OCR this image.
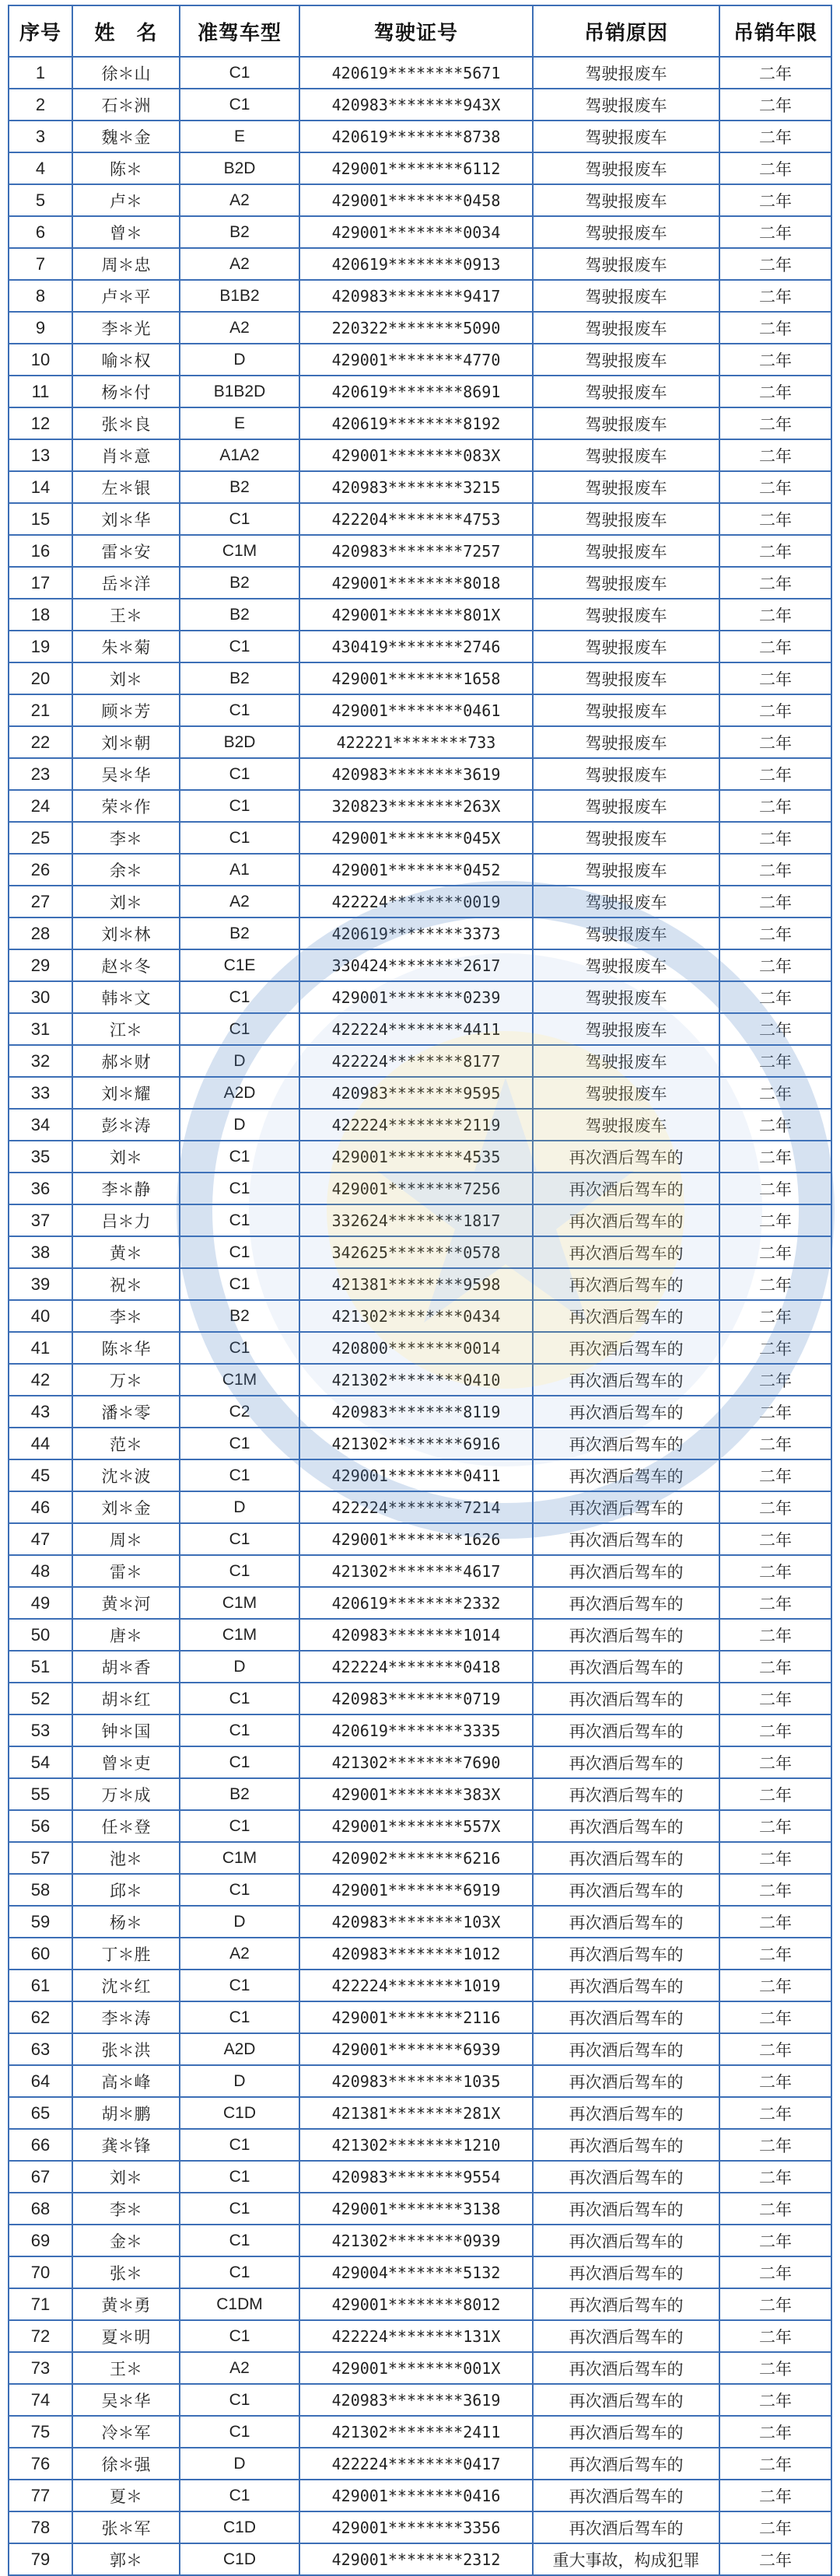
序号	姓　名	准驾车型	驾驶证号	吊销原因	吊销年限
1	徐＊山	C1	420619********5671	驾驶报废车	二年
2	石＊洲	C1	420983********943X	驾驶报废车	二年
3	魏＊金	E	420619********8738	驾驶报废车	二年
4	陈＊	B2D	429001********6112	驾驶报废车	二年
5	卢＊	A2	429001********0458	驾驶报废车	二年
6	曾＊	B2	429001********0034	驾驶报废车	二年
7	周＊忠	A2	420619********0913	驾驶报废车	二年
8	卢＊平	B1B2	420983********9417	驾驶报废车	二年
9	李＊光	A2	220322********5090	驾驶报废车	二年
10	喻＊权	D	429001********4770	驾驶报废车	二年
11	杨＊付	B1B2D	420619********8691	驾驶报废车	二年
12	张＊良	E	420619********8192	驾驶报废车	二年
13	肖＊意	A1A2	429001********083X	驾驶报废车	二年
14	左＊银	B2	420983********3215	驾驶报废车	二年
15	刘＊华	C1	422204********4753	驾驶报废车	二年
16	雷＊安	C1M	420983********7257	驾驶报废车	二年
17	岳＊洋	B2	429001********8018	驾驶报废车	二年
18	王＊	B2	429001********801X	驾驶报废车	二年
19	朱＊菊	C1	430419********2746	驾驶报废车	二年
20	刘＊	B2	429001********1658	驾驶报废车	二年
21	顾＊芳	C1	429001********0461	驾驶报废车	二年
22	刘＊朝	B2D	422221********733	驾驶报废车	二年
23	吴＊华	C1	420983********3619	驾驶报废车	二年
24	荣＊作	C1	320823********263X	驾驶报废车	二年
25	李＊	C1	429001********045X	驾驶报废车	二年
26	余＊	A1	429001********0452	驾驶报废车	二年
27	刘＊	A2	422224********0019	驾驶报废车	二年
28	刘＊林	B2	420619********3373	驾驶报废车	二年
29	赵＊冬	C1E	330424********2617	驾驶报废车	二年
30	韩＊文	C1	429001********0239	驾驶报废车	二年
31	江＊	C1	422224********4411	驾驶报废车	二年
32	郝＊财	D	422224********8177	驾驶报废车	二年
33	刘＊耀	A2D	420983********9595	驾驶报废车	二年
34	彭＊涛	D	422224********2119	驾驶报废车	二年
35	刘＊	C1	429001********4535	再次酒后驾车的	二年
36	李＊静	C1	429001********7256	再次酒后驾车的	二年
37	吕＊力	C1	332624********1817	再次酒后驾车的	二年
38	黄＊	C1	342625********0578	再次酒后驾车的	二年
39	祝＊	C1	421381********9598	再次酒后驾车的	二年
40	李＊	B2	421302********0434	再次酒后驾车的	二年
41	陈＊华	C1	420800********0014	再次酒后驾车的	二年
42	万＊	C1M	421302********0410	再次酒后驾车的	二年
43	潘＊零	C2	420983********8119	再次酒后驾车的	二年
44	范＊	C1	421302********6916	再次酒后驾车的	二年
45	沈＊波	C1	429001********0411	再次酒后驾车的	二年
46	刘＊金	D	422224********7214	再次酒后驾车的	二年
47	周＊	C1	429001********1626	再次酒后驾车的	二年
48	雷＊	C1	421302********4617	再次酒后驾车的	二年
49	黄＊河	C1M	420619********2332	再次酒后驾车的	二年
50	唐＊	C1M	420983********1014	再次酒后驾车的	二年
51	胡＊香	D	422224********0418	再次酒后驾车的	二年
52	胡＊红	C1	420983********0719	再次酒后驾车的	二年
53	钟＊国	C1	420619********3335	再次酒后驾车的	二年
54	曾＊吏	C1	421302********7690	再次酒后驾车的	二年
55	万＊成	B2	429001********383X	再次酒后驾车的	二年
56	任＊登	C1	429001********557X	再次酒后驾车的	二年
57	池＊	C1M	420902********6216	再次酒后驾车的	二年
58	邱＊	C1	429001********6919	再次酒后驾车的	二年
59	杨＊	D	420983********103X	再次酒后驾车的	二年
60	丁＊胜	A2	420983********1012	再次酒后驾车的	二年
61	沈＊红	C1	422224********1019	再次酒后驾车的	二年
62	李＊涛	C1	429001********2116	再次酒后驾车的	二年
63	张＊洪	A2D	429001********6939	再次酒后驾车的	二年
64	高＊峰	D	420983********1035	再次酒后驾车的	二年
65	胡＊鹏	C1D	421381********281X	再次酒后驾车的	二年
66	龚＊锋	C1	421302********1210	再次酒后驾车的	二年
67	刘＊	C1	420983********9554	再次酒后驾车的	二年
68	李＊	C1	429001********3138	再次酒后驾车的	二年
69	金＊	C1	421302********0939	再次酒后驾车的	二年
70	张＊	C1	429004********5132	再次酒后驾车的	二年
71	黄＊勇	C1DM	429001********8012	再次酒后驾车的	二年
72	夏＊明	C1	422224********131X	再次酒后驾车的	二年
73	王＊	A2	429001********001X	再次酒后驾车的	二年
74	吴＊华	C1	420983********3619	再次酒后驾车的	二年
75	冷＊军	C1	421302********2411	再次酒后驾车的	二年
76	徐＊强	D	422224********0417	再次酒后驾车的	二年
77	夏＊	C1	429001********0416	再次酒后驾车的	二年
78	张＊军	C1D	429001********3356	再次酒后驾车的	二年
79	郭＊	C1D	429001********2312	重大事故，构成犯罪	二年
